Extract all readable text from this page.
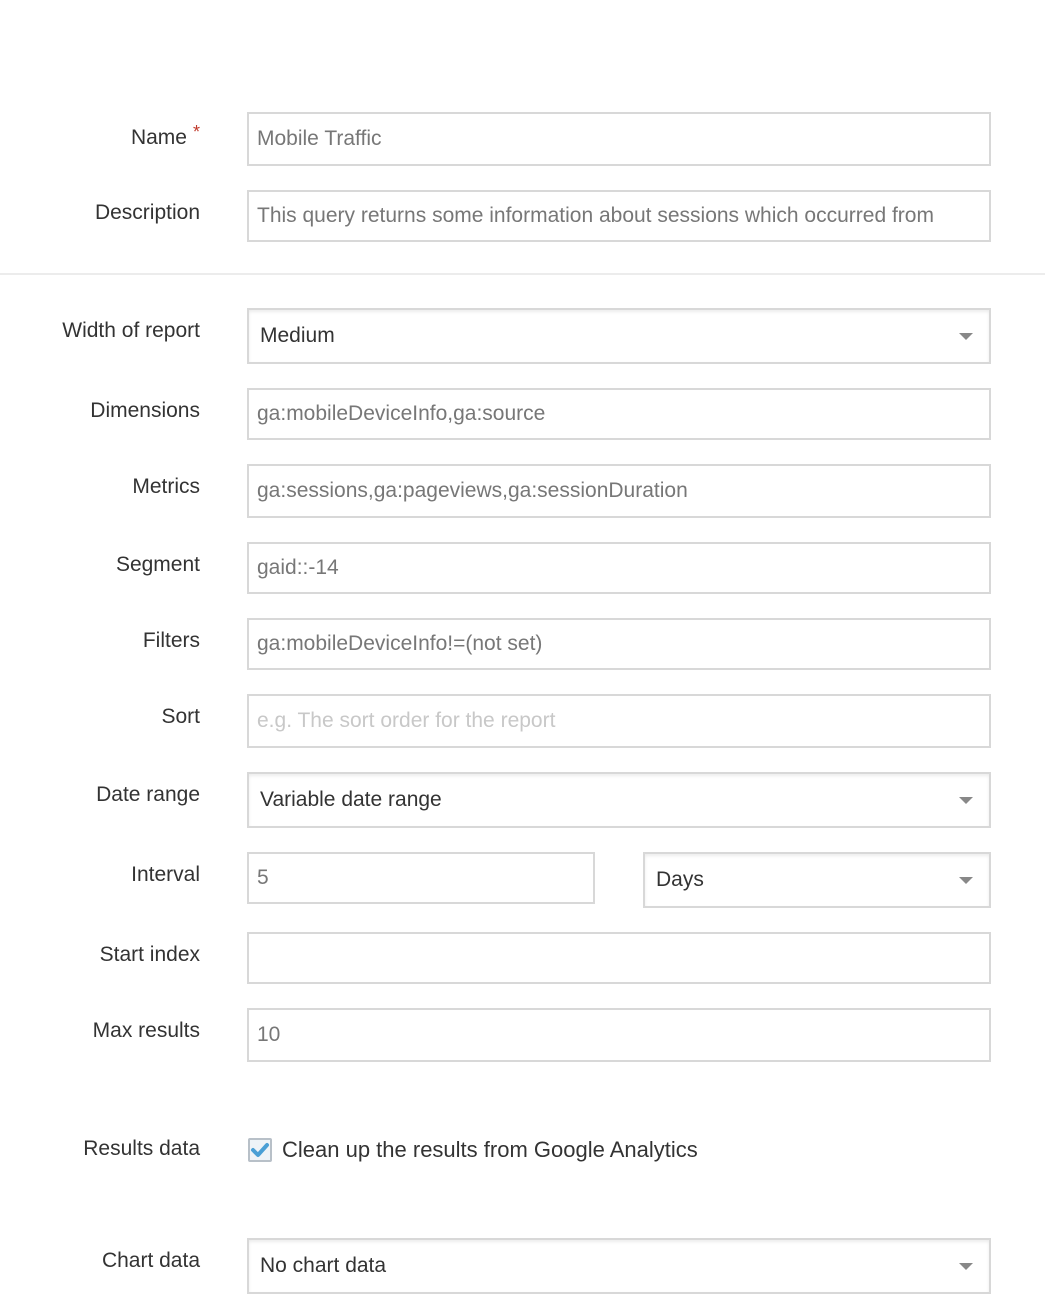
Name *	Mobile Traffic
Description	This query returns some information about sessions which occurred from
Width of report	Medium
Dimensions	ga:mobileDeviceInfo,ga:source
Metrics	ga:sessions,ga:pageviews,ga:sessionDuration
Segment	gaid::-14
Filters	ga:mobileDeviceInfo!=(not set)
Sort	e.g. The sort order for the report
Date range	Variable date range
Interval	5	Days
Start index
Max results	10
Results data	Clean up the results from Google Analytics
Chart data	No chart data
